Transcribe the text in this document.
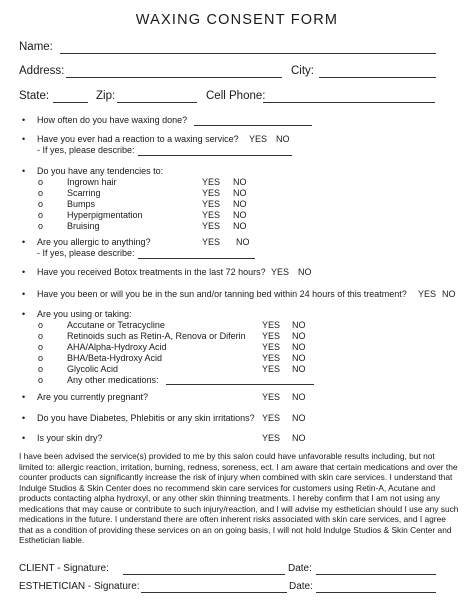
WAXING CONSENT FORM
Name:
Address:	City:
State:	Zip:	Cell Phone:
• How often do you have waxing done?
• Have you ever had a reaction to a waxing service? YES NO
- If yes, please describe:
• Do you have any tendencies to:
o	Ingrown hair	YES NO
o	Scarring	YES NO
o	Bumps	YES NO
o	Hyperpigmentation	YES NO
o	Bruising	YES NO
• Are you allergic to anything?	YES NO
- If yes, please describe:
• Have you received Botox treatments in the last 72 hours? YES NO
• Have you been or will you be in the sun and/or tanning bed within 24 hours of this treatment? YES NO
• Are you using or taking:
o	Accutane or Tetracycline	YES NO
o	Retinoids such as Retin-A, Renova or Diferin YES NO
o	AHA/Alpha-Hydroxy Acid	YES NO
o	BHA/Beta-Hydroxy Acid	YES NO
o	Glycolic Acid	YES NO
o	Any other medications:
• Are you currently pregnant?	YES NO
• Do you have Diabetes, Phlebitis or any skin irritations? YES NO
• Is your skin dry?	YES NO
I have been advised the service(s) provided to me by this salon could have unfavorable results including, but not limited to: allergic reaction, irritation, burning, redness, soreness, ect. I am aware that certain medications and over the counter products can significantly increase the risk of injury when combined with skin care services. I understand that Indulge Studios & Skin Center does no recommend skin care services for customers using Retin-A, Acutane and products contacting alpha hydroxyl, or any other skin thinning treatments. I hereby confirm that I am not using any medications that may cause or contribute to such injury/reaction, and I will advise my esthetician should I use any such medications in the future. I understand there are often inherent risks associated with skin care services, and I agree that as a condition of providing these services on an on going basis, I will not hold Indulge Studios & Skin Center and Esthetician liable.
CLIENT - Signature:	Date:
ESTHETICIAN - Signature:	Date:
